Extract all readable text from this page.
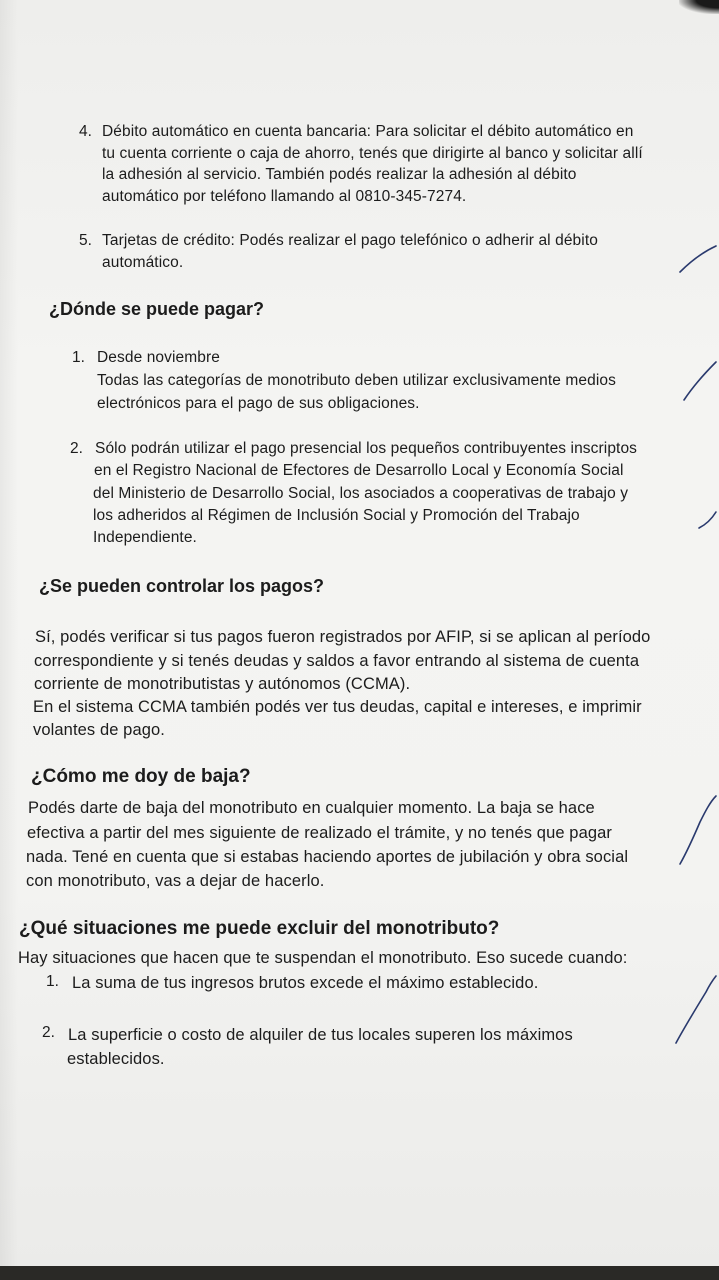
4. Débito automático en cuenta bancaria: Para solicitar el débito automático en
tu cuenta corriente o caja de ahorro, tenés que dirigirte al banco y solicitar allí
la adhesión al servicio. También podés realizar la adhesión al débito
automático por teléfono llamando al 0810-345-7274.
5. Tarjetas de crédito: Podés realizar el pago telefónico o adherir al débito
automático.
¿Dónde se puede pagar?
1. Desde noviembre
Todas las categorías de monotributo deben utilizar exclusivamente medios
electrónicos para el pago de sus obligaciones.
2. Sólo podrán utilizar el pago presencial los pequeños contribuyentes inscriptos
en el Registro Nacional de Efectores de Desarrollo Local y Economía Social
del Ministerio de Desarrollo Social, los asociados a cooperativas de trabajo y
los adheridos al Régimen de Inclusión Social y Promoción del Trabajo
Independiente.
¿Se pueden controlar los pagos?
Sí, podés verificar si tus pagos fueron registrados por AFIP, si se aplican al período
correspondiente y si tenés deudas y saldos a favor entrando al sistema de cuenta
corriente de monotributistas y autónomos (CCMA).
En el sistema CCMA también podés ver tus deudas, capital e intereses, e imprimir
volantes de pago.
¿Cómo me doy de baja?
Podés darte de baja del monotributo en cualquier momento. La baja se hace
efectiva a partir del mes siguiente de realizado el trámite, y no tenés que pagar
nada. Tené en cuenta que si estabas haciendo aportes de jubilación y obra social
con monotributo, vas a dejar de hacerlo.
¿Qué situaciones me puede excluir del monotributo?
Hay situaciones que hacen que te suspendan el monotributo. Eso sucede cuando:
1. La suma de tus ingresos brutos excede el máximo establecido.
2. La superficie o costo de alquiler de tus locales superen los máximos
establecidos.
